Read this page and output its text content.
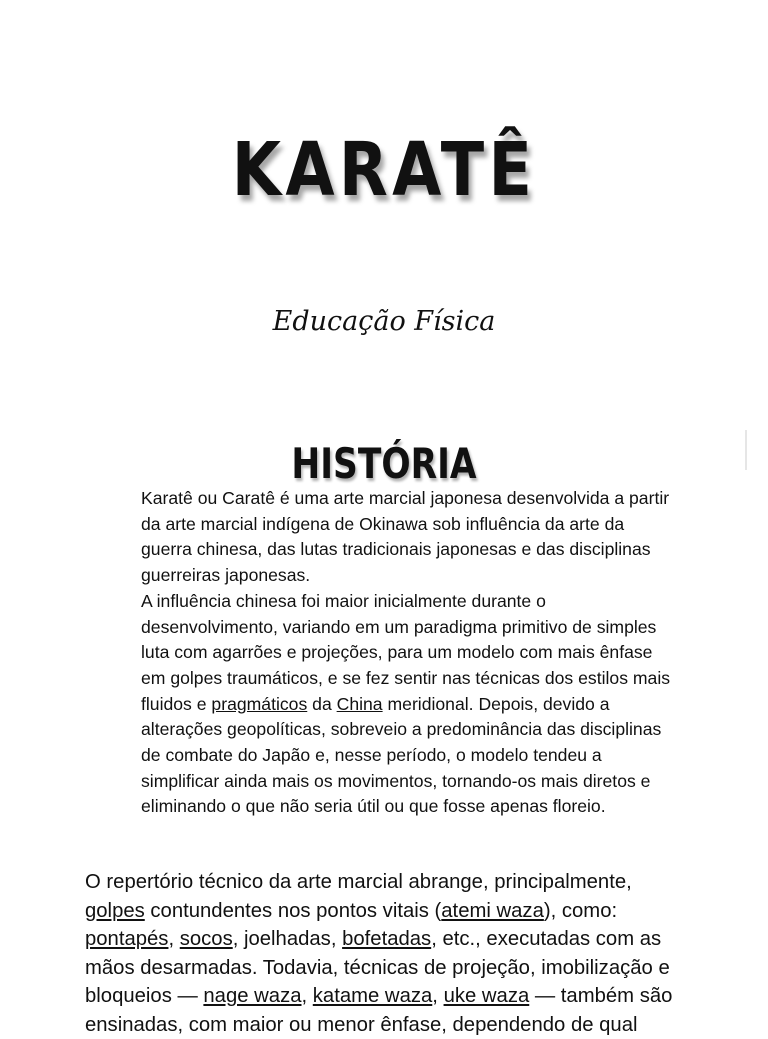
KARATÊ
Educação Física
HISTÓRIA

Karatê ou Caratê é uma arte marcial japonesa desenvolvida a partir da arte marcial indígena de Okinawa sob influência da arte da guerra chinesa, das lutas tradicionais japonesas e das disciplinas guerreiras japonesas.

A influência chinesa foi maior inicialmente durante o desenvolvimento, variando em um paradigma primitivo de simples luta com agarrões e projeções, para um modelo com mais ênfase em golpes traumáticos, e se fez sentir nas técnicas dos estilos mais fluidos e pragmáticos da China meridional. Depois, devido a alterações geopolíticas, sobreveio a predominância das disciplinas de combate do Japão e, nesse período, o modelo tendeu a simplificar ainda mais os movimentos, tornando-os mais diretos e eliminando o que não seria útil ou que fosse apenas floreio.

O repertório técnico da arte marcial abrange, principalmente, golpes contundentes nos pontos vitais (atemi waza), como: pontapés, socos, joelhadas, bofetadas, etc., executadas com as mãos desarmadas. Todavia, técnicas de projeção, imobilização e bloqueios — nage waza, katame waza, uke waza — também são ensinadas, com maior ou menor ênfase, dependendo de qual
